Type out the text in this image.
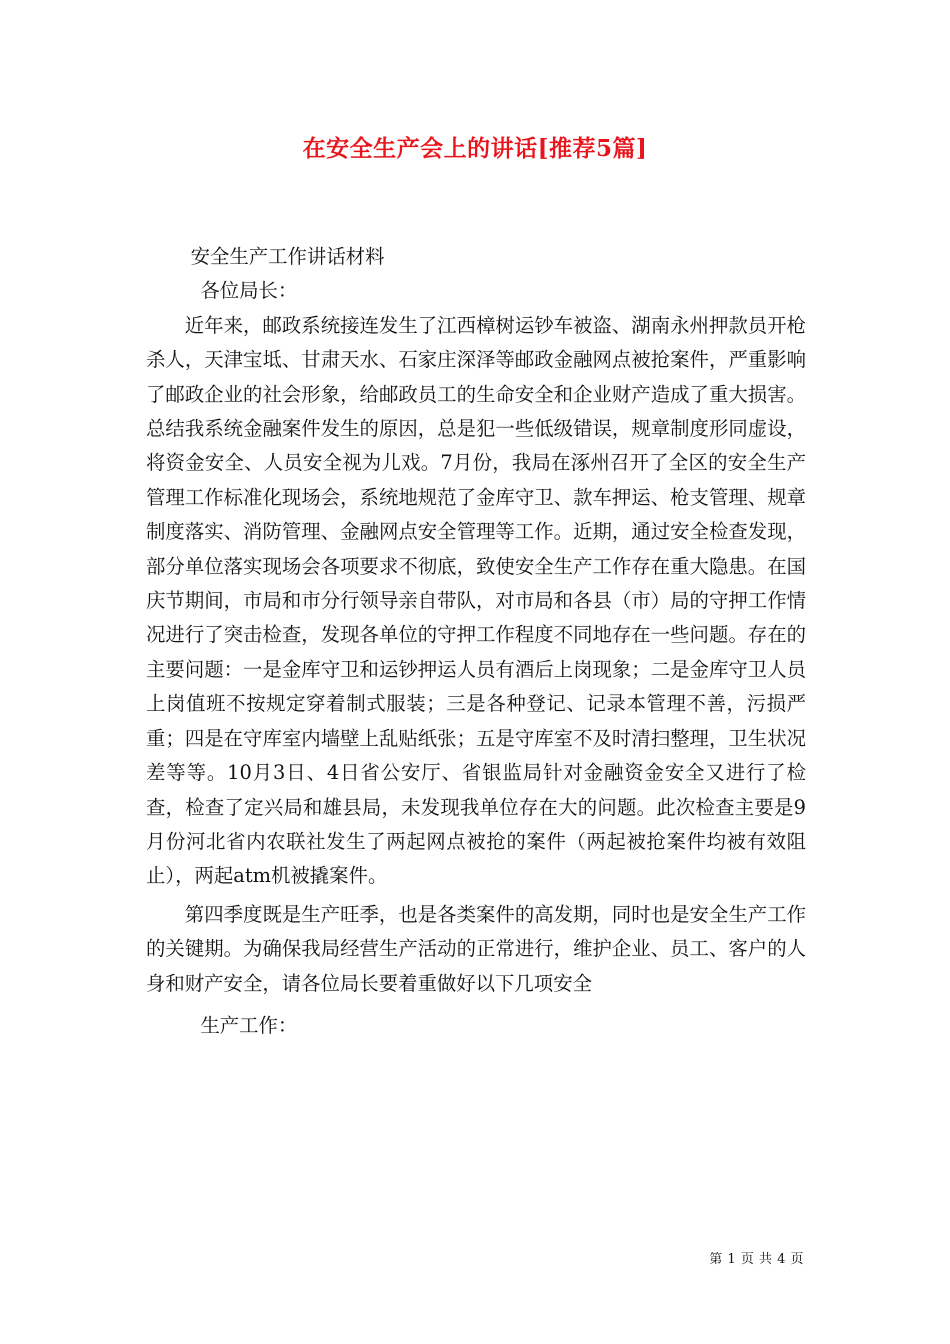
在安全生产会上的讲话[推荐5篇]

安全生产工作讲话材料

各位局长：

近年来，邮政系统接连发生了江西樟树运钞车被盗、湖南永州押款员开枪杀人，天津宝坻、甘肃天水、石家庄深泽等邮政金融网点被抢案件，严重影响了邮政企业的社会形象，给邮政员工的生命安全和企业财产造成了重大损害。总结我系统金融案件发生的原因，总是犯一些低级错误，规章制度形同虚设，将资金安全、人员安全视为儿戏。7月份，我局在涿州召开了全区的安全生产管理工作标准化现场会，系统地规范了金库守卫、款车押运、枪支管理、规章制度落实、消防管理、金融网点安全管理等工作。近期，通过安全检查发现，部分单位落实现场会各项要求不彻底，致使安全生产工作存在重大隐患。在国庆节期间，市局和市分行领导亲自带队，对市局和各县（市）局的守押工作情况进行了突击检查，发现各单位的守押工作程度不同地存在一些问题。存在的主要问题：一是金库守卫和运钞押运人员有酒后上岗现象；二是金库守卫人员上岗值班不按规定穿着制式服装；三是各种登记、记录本管理不善，污损严重；四是在守库室内墙壁上乱贴纸张；五是守库室不及时清扫整理，卫生状况差等等。10月3日、4日省公安厅、省银监局针对金融资金安全又进行了检查，检查了定兴局和雄县局，未发现我单位存在大的问题。此次检查主要是9月份河北省内农联社发生了两起网点被抢的案件（两起被抢案件均被有效阻止），两起atm机被撬案件。

第四季度既是生产旺季，也是各类案件的高发期，同时也是安全生产工作的关键期。为确保我局经营生产活动的正常进行，维护企业、员工、客户的人身和财产安全，请各位局长要着重做好以下几项安全

生产工作：

第 1 页 共 4 页
